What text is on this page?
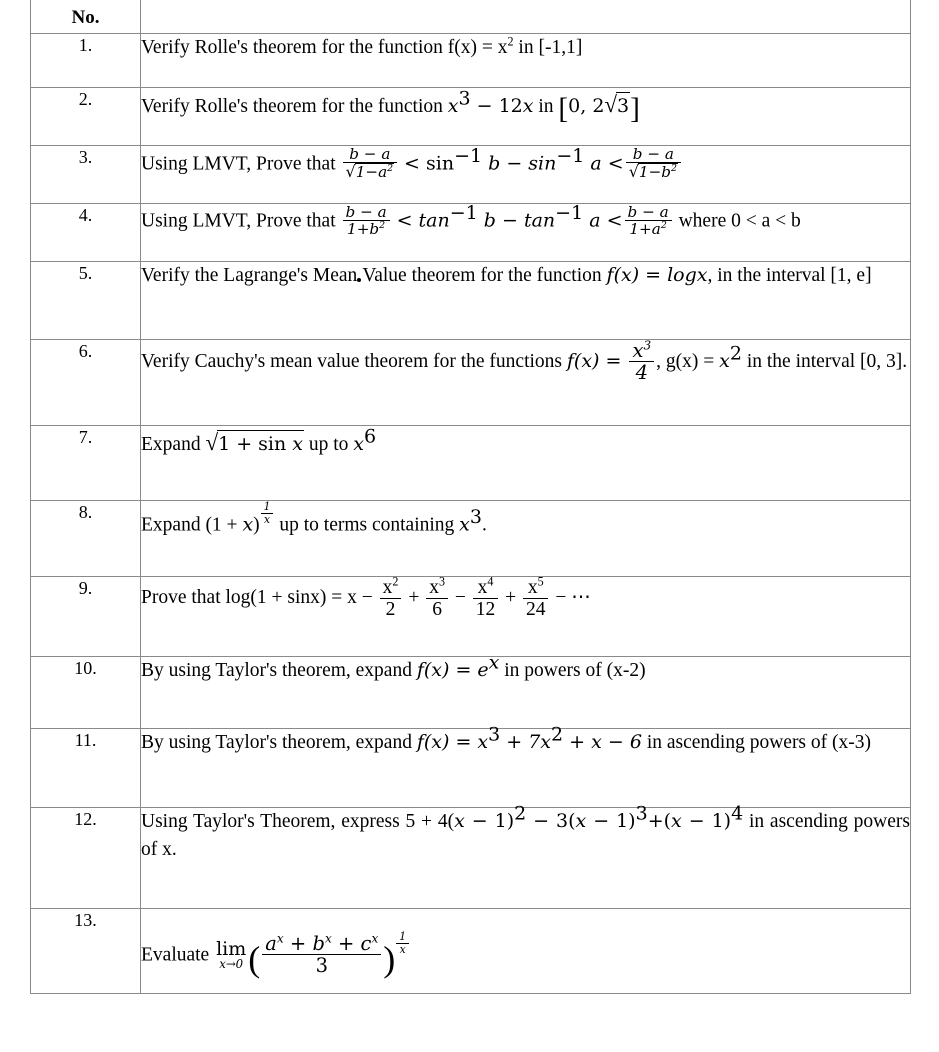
No.

1.	Verify Rolle's theorem for the function $f(x) = x^2$ in [-1,1]
2.	Verify Rolle's theorem for the function $x^3 - 12x$ in [0, 2√3]
3.	Using LMVT, Prove that $\frac{b - a}{√1-a^2} < \sin^{-1} b - \sin^{-1} a < \frac{b - a}{√1-b^2}$

4.	Using LMVT, Prove that $\frac{b - a}{1+b^2} < \tan^{-1} b - \tan^{-1} a < \frac{b - a}{1+a^2}$ where 0 < a < b
5.	Verify the Lagrange's Mean Value theorem for the function f(x) = logx, in the interval [1, e]
6.	Verify Cauchy's mean value theorem for the functions $f(x) = \frac{x^3}{4}$ , $g(x) = x^2$ in the interval [0, 3].
7.	Expand √1 + sin x up to $x^6$
8.	Expand $(1 + x) \frac{1}{x}$ up to terms containing $x^3$.
9.	Prove that $\log(1 + \sin x) = x - \frac{x^2}{2} + \frac{x^3}{6} - \frac{x^4}{12} + \frac{x^5}{24}$ − ⋯
10.	By using Taylor's theorem, expand $f(x) = e^x$ in powers of (x-2)
11.	By using Taylor's theorem, expand $f(x) = x^3 + 7x^2 + x - 6$ in ascending powers of (x-3)
12.	Using Taylor's Theorem, express $5 + 4(x - 1)^2 - 3(x - 1)^3+(x - 1)^4$ in ascending powers of x.
13.	Evaluate lim
x→0 ( $\frac{a^x + b^x + c^x}{3}$ ) $\frac{1}{x}$
